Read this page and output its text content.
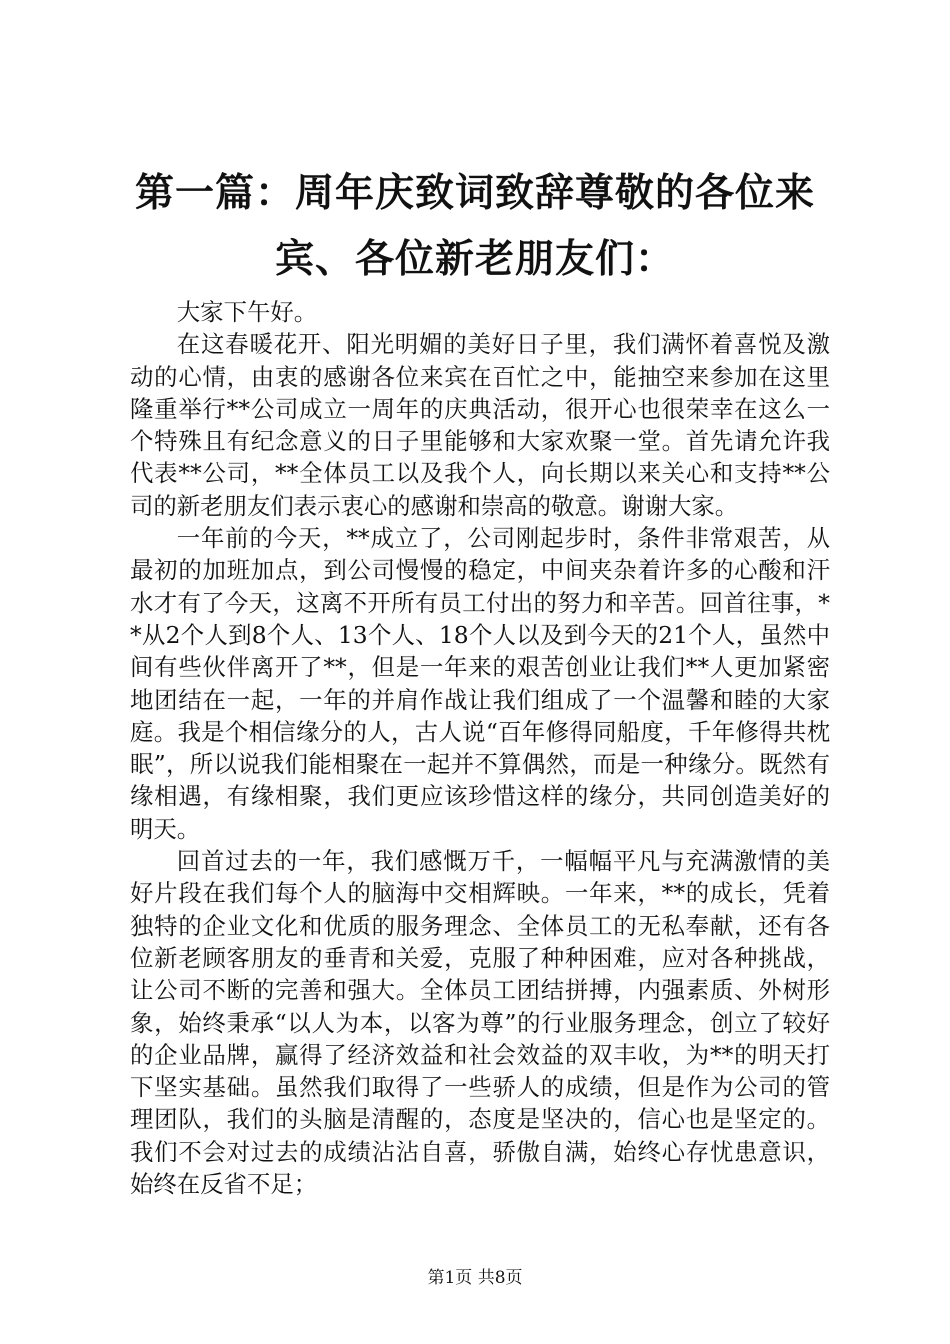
第一篇：周年庆致词致辞尊敬的各位来宾、各位新老朋友们：

大家下午好。

在这春暖花开、阳光明媚的美好日子里，我们满怀着喜悦及激动的心情，由衷的感谢各位来宾在百忙之中，能抽空来参加在这里隆重举行**公司成立一周年的庆典活动，很开心也很荣幸在这么一个特殊且有纪念意义的日子里能够和大家欢聚一堂。首先请允许我代表**公司，**全体员工以及我个人，向长期以来关心和支持**公司的新老朋友们表示衷心的感谢和崇高的敬意。谢谢大家。

一年前的今天，**成立了，公司刚起步时，条件非常艰苦，从最初的加班加点，到公司慢慢的稳定，中间夹杂着许多的心酸和汗水才有了今天，这离不开所有员工付出的努力和辛苦。回首往事，**从2个人到8个人、13个人、18个人以及到今天的21个人，虽然中间有些伙伴离开了**，但是一年来的艰苦创业让我们**人更加紧密地团结在一起，一年的并肩作战让我们组成了一个温馨和睦的大家庭。我是个相信缘分的人，古人说“百年修得同船度，千年修得共枕眠”，所以说我们能相聚在一起并不算偶然，而是一种缘分。既然有缘相遇，有缘相聚，我们更应该珍惜这样的缘分，共同创造美好的明天。

回首过去的一年，我们感慨万千，一幅幅平凡与充满激情的美好片段在我们每个人的脑海中交相辉映。一年来，**的成长，凭着独特的企业文化和优质的服务理念、全体员工的无私奉献，还有各位新老顾客朋友的垂青和关爱，克服了种种困难，应对各种挑战，让公司不断的完善和强大。全体员工团结拼搏，内强素质、外树形象，始终秉承“以人为本，以客为尊”的行业服务理念，创立了较好的企业品牌，赢得了经济效益和社会效益的双丰收，为**的明天打下坚实基础。虽然我们取得了一些骄人的成绩，但是作为公司的管理团队，我们的头脑是清醒的，态度是坚决的，信心也是坚定的。我们不会对过去的成绩沾沾自喜，骄傲自满，始终心存忧患意识，始终在反省不足；

第1页 共8页
